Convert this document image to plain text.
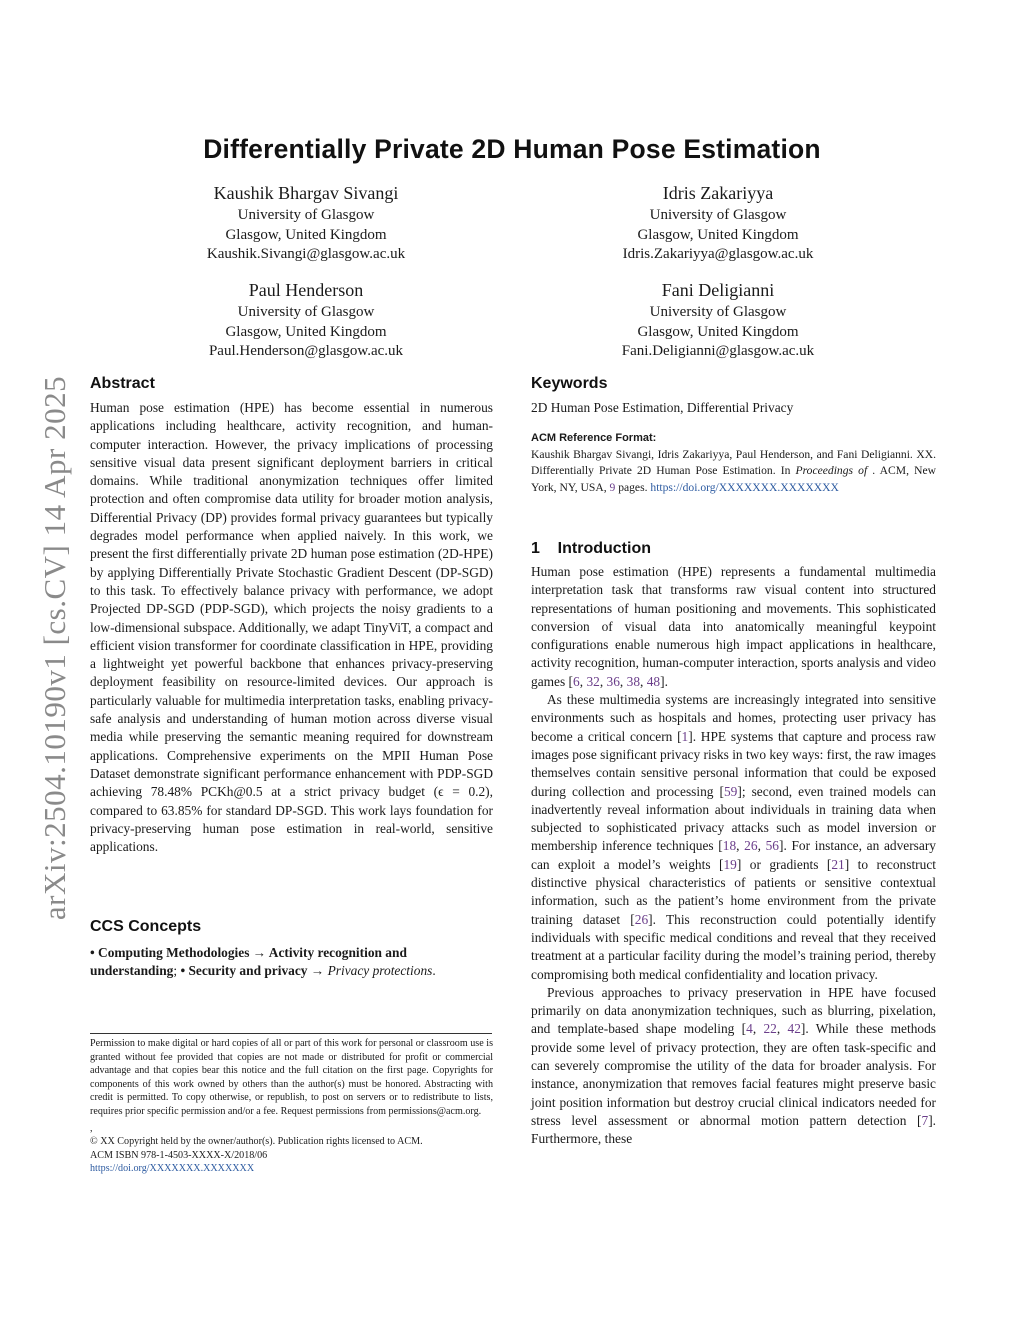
arXiv:2504.10190v1 [cs.CV] 14 Apr 2025
Differentially Private 2D Human Pose Estimation
Kaushik Bhargav Sivangi
University of Glasgow
Glasgow, United Kingdom
Kaushik.Sivangi@glasgow.ac.uk
Idris Zakariyya
University of Glasgow
Glasgow, United Kingdom
Idris.Zakariyya@glasgow.ac.uk
Paul Henderson
University of Glasgow
Glasgow, United Kingdom
Paul.Henderson@glasgow.ac.uk
Fani Deligianni
University of Glasgow
Glasgow, United Kingdom
Fani.Deligianni@glasgow.ac.uk
Abstract
Human pose estimation (HPE) has become essential in numerous applications including healthcare, activity recognition, and human-computer interaction. However, the privacy implications of processing sensitive visual data present significant deployment barriers in critical domains. While traditional anonymization techniques offer limited protection and often compromise data utility for broader motion analysis, Differential Privacy (DP) provides formal privacy guarantees but typically degrades model performance when applied naively. In this work, we present the first differentially private 2D human pose estimation (2D-HPE) by applying Differentially Private Stochastic Gradient Descent (DP-SGD) to this task. To effectively balance privacy with performance, we adopt Projected DP-SGD (PDP-SGD), which projects the noisy gradients to a low-dimensional subspace. Additionally, we adapt TinyViT, a compact and efficient vision transformer for coordinate classification in HPE, providing a lightweight yet powerful backbone that enhances privacy-preserving deployment feasibility on resource-limited devices. Our approach is particularly valuable for multimedia interpretation tasks, enabling privacy-safe analysis and understanding of human motion across diverse visual media while preserving the semantic meaning required for downstream applications. Comprehensive experiments on the MPII Human Pose Dataset demonstrate significant performance enhancement with PDP-SGD achieving 78.48% PCKh@0.5 at a strict privacy budget (ϵ = 0.2), compared to 63.85% for standard DP-SGD. This work lays foundation for privacy-preserving human pose estimation in real-world, sensitive applications.
CCS Concepts
• Computing Methodologies → Activity recognition and understanding; • Security and privacy → Privacy protections.
Permission to make digital or hard copies of all or part of this work for personal or classroom use is granted without fee provided that copies are not made or distributed for profit or commercial advantage and that copies bear this notice and the full citation on the first page. Copyrights for components of this work owned by others than the author(s) must be honored. Abstracting with credit is permitted. To copy otherwise, or republish, to post on servers or to redistribute to lists, requires prior specific permission and/or a fee. Request permissions from permissions@acm.org.
,
© XX Copyright held by the owner/author(s). Publication rights licensed to ACM.
ACM ISBN 978-1-4503-XXXX-X/2018/06
https://doi.org/XXXXXXX.XXXXXXX
Keywords
2D Human Pose Estimation, Differential Privacy
ACM Reference Format:
Kaushik Bhargav Sivangi, Idris Zakariyya, Paul Henderson, and Fani Deligianni. XX. Differentially Private 2D Human Pose Estimation. In Proceedings of . ACM, New York, NY, USA, 9 pages. https://doi.org/XXXXXXX.XXXXXXX
1    Introduction

Human pose estimation (HPE) represents a fundamental multimedia interpretation task that transforms raw visual content into structured representations of human positioning and movements. This sophisticated conversion of visual data into anatomically meaningful keypoint configurations enable numerous high impact applications in healthcare, activity recognition, human-computer interaction, sports analysis and video games [6, 32, 36, 38, 48].

As these multimedia systems are increasingly integrated into sensitive environments such as hospitals and homes, protecting user privacy has become a critical concern [1]. HPE systems that capture and process raw images pose significant privacy risks in two key ways: first, the raw images themselves contain sensitive personal information that could be exposed during collection and processing [59]; second, even trained models can inadvertently reveal information about individuals in training data when subjected to sophisticated privacy attacks such as model inversion or membership inference techniques [18, 26, 56]. For instance, an adversary can exploit a model’s weights [19] or gradients [21] to reconstruct distinctive physical characteristics of patients or sensitive contextual information, such as the patient’s home environment from the private training dataset [26]. This reconstruction could potentially identify individuals with specific medical conditions and reveal that they received treatment at a particular facility during the model’s training period, thereby compromising both medical confidentiality and location privacy.

Previous approaches to privacy preservation in HPE have focused primarily on data anonymization techniques, such as blurring, pixelation, and template-based shape modeling [4, 22, 42]. While these methods provide some level of privacy protection, they are often task-specific and can severely compromise the utility of the data for broader analysis. For instance, anonymization that removes facial features might preserve basic joint position information but destroy crucial clinical indicators needed for stress level assessment or abnormal motion pattern detection [7]. Furthermore, these
